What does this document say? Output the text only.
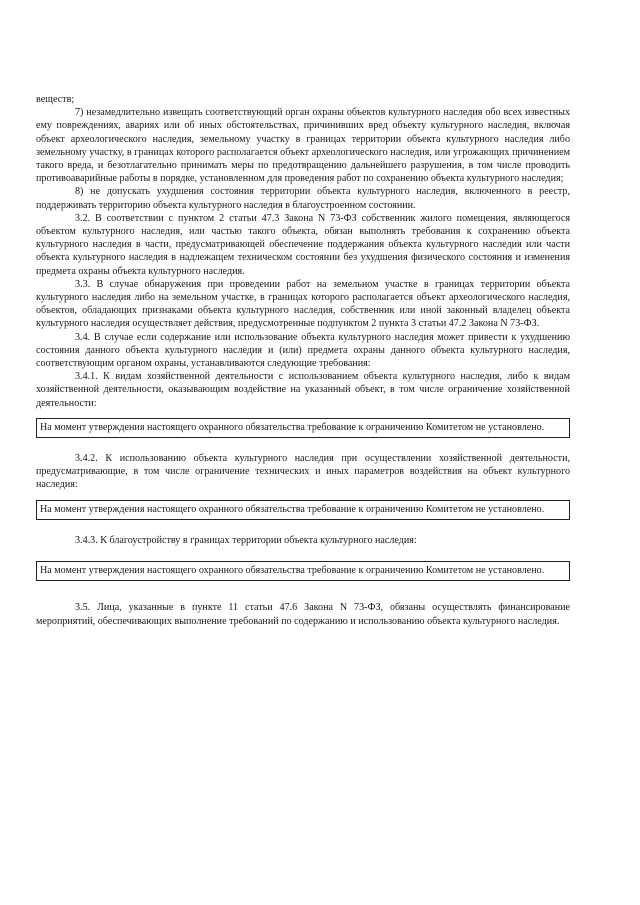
веществ;

7) незамедлительно извещать соответствующий орган охраны объектов культурного наследия обо всех известных ему повреждениях, авариях или об иных обстоятельствах, причинивших вред объекту культурного наследия, включая объект археологического наследия, земельному участку в границах территории объекта культурного наследия либо земельному участку, в границах которого располагается объект археологического наследия, или угрожающих причинением такого вреда, и безотлагательно принимать меры по предотвращению дальнейшего разрушения, в том числе проводить противоаварийные работы в порядке, установленном для проведения работ по сохранению объекта культурного наследия;

8) не допускать ухудшения состояния территории объекта культурного наследия, включенного в реестр, поддерживать территорию объекта культурного наследия в благоустроенном состоянии.

3.2. В соответствии с пунктом 2 статьи 47.3 Закона N 73-ФЗ собственник жилого помещения, являющегося объектом культурного наследия, или частью такого объекта, обязан выполнять требования к сохранению объекта культурного наследия в части, предусматривающей обеспечение поддержания объекта культурного наследия или части объекта культурного наследия в надлежащем техническом состоянии без ухудшения физического состояния и изменения предмета охраны объекта культурного наследия.

3.3. В случае обнаружения при проведении работ на земельном участке в границах территории объекта культурного наследия либо на земельном участке, в границах которого располагается объект археологического наследия, объектов, обладающих признаками объекта культурного наследия, собственник или иной законный владелец объекта культурного наследия осуществляет действия, предусмотренные подпунктом 2 пункта 3 статьи 47.2 Закона N 73-ФЗ.

3.4. В случае если содержание или использование объекта культурного наследия может привести к ухудшению состояния данного объекта культурного наследия и (или) предмета охраны данного объекта культурного наследия, соответствующим органом охраны, устанавливаются следующие требования:

3.4.1. К видам хозяйственной деятельности с использованием объекта культурного наследия, либо к видам хозяйственной деятельности, оказывающим воздействие на указанный объект, в том числе ограничение хозяйственной деятельности:

На момент утверждения настоящего охранного обязательства требование к ограничению Комитетом не установлено.

3.4.2. К использованию объекта культурного наследия при осуществлении хозяйственной деятельности, предусматривающие, в том числе ограничение технических и иных параметров воздействия на объект культурного наследия:

На момент утверждения настоящего охранного обязательства требование к ограничению Комитетом не установлено.

3.4.3. К благоустройству в границах территории объекта культурного наследия:

На момент утверждения настоящего охранного обязательства требование к ограничению Комитетом не установлено.

3.5. Лица, указанные в пункте 11 статьи 47.6 Закона N 73-ФЗ, обязаны осуществлять финансирование мероприятий, обеспечивающих выполнение требований по содержанию и использованию объекта культурного наследия.
